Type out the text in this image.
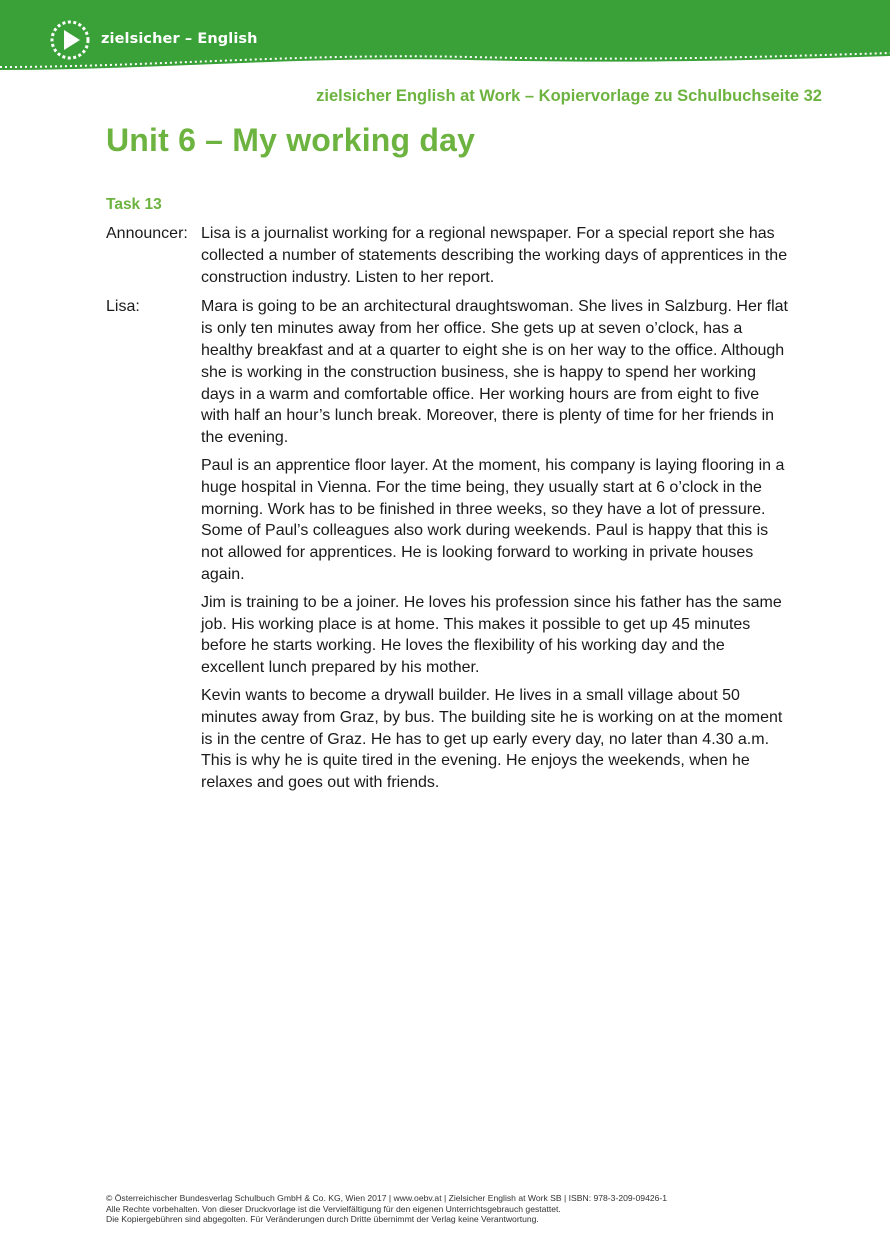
zielsicher – English
zielsicher English at Work – Kopiervorlage zu Schulbuchseite 32
Unit 6 – My working day
Task 13
Announcer: Lisa is a journalist working for a regional newspaper. For a special report she has collected a number of statements describing the working days of apprentices in the construction industry. Listen to her report.

Lisa:	Mara is going to be an architectural draughtswoman. She lives in Salzburg. Her flat is only ten minutes away from her office. She gets up at seven o’clock, has a healthy breakfast and at a quarter to eight she is on her way to the office. Although she is working in the construction business, she is happy to spend her working days in a warm and comfortable office. Her working hours are from eight to five with half an hour’s lunch break. Moreover, there is plenty of time for her friends in the evening.

Paul is an apprentice floor layer. At the moment, his company is laying flooring in a huge hospital in Vienna. For the time being, they usually start at 6 o’clock in the morning. Work has to be finished in three weeks, so they have a lot of pressure. Some of Paul’s colleagues also work during weekends. Paul is happy that this is not allowed for apprentices. He is looking forward to working in private houses again.

Jim is training to be a joiner. He loves his profession since his father has the same job. His working place is at home. This makes it possible to get up 45 minutes before he starts working. He loves the flexibility of his working day and the excellent lunch prepared by his mother.

Kevin wants to become a drywall builder. He lives in a small village about 50 minutes away from Graz, by bus. The building site he is working on at the moment is in the centre of Graz. He has to get up early every day, no later than 4.30 a.m. This is why he is quite tired in the evening. He enjoys the weekends, when he relaxes and goes out with friends.

© Österreichischer Bundesverlag Schulbuch GmbH & Co. KG, Wien 2017 | www.oebv.at | Zielsicher English at Work SB | ISBN: 978-3-209-09426-1
Alle Rechte vorbehalten. Von dieser Druckvorlage ist die Vervielfältigung für den eigenen Unterrichtsgebrauch gestattet.
Die Kopiergebühren sind abgegolten. Für Veränderungen durch Dritte übernimmt der Verlag keine Verantwortung.
